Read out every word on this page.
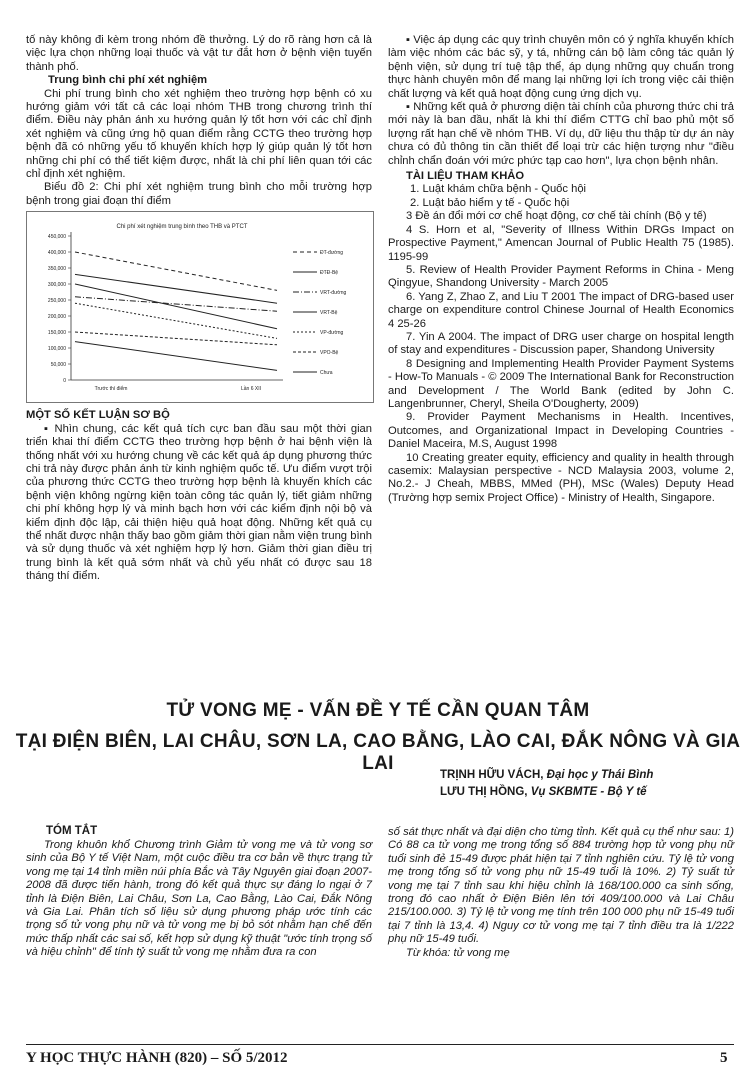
tố này không đi kèm trong nhóm đề thưởng. Lý do rõ ràng hơn cả là việc lựa chọn những loại thuốc và vật tư đắt hơn ở bệnh viện tuyến thành phố.

Trung bình chi phí xét nghiệm

Chi phí trung bình cho xét nghiệm theo trường hợp bệnh có xu hướng giảm với tất cả các loại nhóm THB trong chương trình thí điểm. Điều này phản ánh xu hướng quản lý tốt hơn với các chỉ định xét nghiệm và cũng ứng hộ quan điểm rằng CCTG theo trường hợp bệnh đã có những yếu tố khuyến khích hợp lý giúp quản lý tốt hơn những chi phí có thể tiết kiệm được, nhất là chi phí liên quan tới các chỉ định xét nghiệm.

Biểu đồ 2: Chi phí xét nghiệm trung bình cho mỗi trường hợp bệnh trong giai đoạn thí điểm

Chi phí xét nghiệm trung bình theo THB và PTCT
450,000
400,000
350,000
300,000
250,000
200,000
150,000
100,000
50,000
0
ĐT-đường
ĐTĐ-Bệ
VRT-đường
VRT-Bệ
VP-đường
VPO-Bệ
Chưa
Trước thí điểm	Lần 6 XII

MỘT SỐ KẾT LUẬN SƠ BỘ

▪ Nhìn chung, các kết quả tích cực ban đầu sau một thời gian triển khai thí điểm CCTG theo trường hợp bệnh ở hai bệnh viện là thống nhất với xu hướng chung về các kết quả áp dụng phương thức chi trả này được phản ánh từ kinh nghiệm quốc tế. Ưu điểm vượt trội của phương thức CCTG theo trường hợp bệnh là khuyến khích các bệnh viện không ngừng kiện toàn công tác quản lý, tiết giảm những chi phí không hợp lý và minh bạch hơn với các kiểm định nội bộ và kiểm định độc lập, cải thiện hiệu quả hoạt động. Những kết quả cụ thể nhất được nhận thấy bao gồm giảm thời gian nằm viện trung bình và sử dụng thuốc và xét nghiệm hợp lý hơn. Giảm thời gian điều trị trung bình là kết quả sớm nhất và chủ yếu nhất có được sau 18 tháng thí điểm.

▪ Việc áp dụng các quy trình chuyên môn có ý nghĩa khuyến khích làm việc nhóm các bác sỹ, y tá, những cán bộ làm công tác quản lý bệnh viện, sử dụng trí tuệ tập thể, áp dụng những quy chuẩn trong thực hành chuyên môn để mang lại những lợi ích trong việc cải thiện chất lượng và kết quả hoạt động cung ứng dịch vụ.

▪ Những kết quả ở phương diện tài chính của phương thức chi trả mới này là ban đầu, nhất là khi thí điểm CTTG chỉ bao phủ một số lượng rất hạn chế về nhóm THB. Ví dụ, dữ liệu thu thập từ dự án này chưa có đủ thông tin cần thiết để loại trừ các hiện tượng như "điều chỉnh chẩn đoán với mức phức tạp cao hơn", lựa chọn bệnh nhân.

TÀI LIỆU THAM KHẢO

1. Luật khám chữa bệnh - Quốc hội

2. Luật bảo hiểm y tế - Quốc hội

3 Đề án đổi mới cơ chế hoạt động, cơ chế tài chính (Bộ y tế)

4 S. Horn et al, "Severity of Illness Within DRGs Impact on Prospective Payment," Amencan Journal of Public Health 75 (1985). 1195-99

5. Review of Health Provider Payment Reforms in China - Meng Qingyue, Shandong University - March 2005

6. Yang Z, Zhao Z, and Liu T 2001 The impact of DRG-based user charge on expenditure control Chinese Journal of Health Economics 4 25-26

7. Yin A 2004. The impact of DRG user charge on hospital length of stay and expenditures - Discussion paper, Shandong University

8 Designing and Implementing Health Provider Payment Systems - How-To Manuals - © 2009 The International Bank for Reconstruction and Development / The World Bank (edited by John C. Langenbrunner, Cheryl, Sheila O'Dougherty, 2009)

9. Provider Payment Mechanisms in Health. Incentives, Outcomes, and Organizational Impact in Developing Countries - Daniel Maceira, M.S, August 1998

10 Creating greater equity, efficiency and quality in health through casemix: Malaysian perspective - NCD Malaysia 2003, volume 2, No.2.- J Cheah, MBBS, MMed (PH), MSc (Wales) Deputy Head (Trường hợp semix Project Office) - Ministry of Health, Singapore.

TỬ VONG MẸ - VẤN ĐỀ Y TẾ CẦN QUAN TÂM
TẠI ĐIỆN BIÊN, LAI CHÂU, SƠN LA, CAO BẰNG, LÀO CAI, ĐẮK NÔNG VÀ GIA LAI
TRỊNH HỮU VÁCH, Đại học y Thái Bình
LƯU THỊ HỒNG, Vụ SKBMTE - Bộ Y tế
TÓM TẮT

Trong khuôn khổ Chương trình Giảm tử vong mẹ và tử vong sơ sinh của Bộ Y tế Việt Nam, một cuộc điều tra cơ bản về thực trạng tử vong mẹ tại 14 tỉnh miền núi phía Bắc và Tây Nguyên giai đoạn 2007-2008 đã được tiến hành, trong đó kết quả thực sự đáng lo ngại ở 7 tỉnh là Điện Biên, Lai Châu, Sơn La, Cao Bằng, Lào Cai, Đắk Nông và Gia Lai. Phân tích số liệu sử dụng phương pháp ước tính các trọng số tử vong phụ nữ và tử vong mẹ bị bỏ sót nhằm hạn chế đến mức thấp nhất các sai số, kết hợp sử dụng kỹ thuật "ước tính trọng số và hiệu chỉnh" để tính tỷ suất tử vong mẹ nhằm đưa ra con

số sát thực nhất và đại diện cho từng tỉnh. Kết quả cụ thể như sau: 1) Có 88 ca tử vong mẹ trong tổng số 884 trường hợp tử vong phụ nữ tuổi sinh đẻ 15-49 được phát hiện tại 7 tỉnh nghiên cứu. Tỷ lệ tử vong mẹ trong tổng số tử vong phụ nữ 15-49 tuổi là 10%. 2) Tỷ suất tử vong mẹ tại 7 tỉnh sau khi hiệu chỉnh là 168/100.000 ca sinh sống, trong đó cao nhất ở Điện Biên lên tới 409/100.000 và Lai Châu 215/100.000. 3) Tỷ lệ tử vong mẹ tính trên 100 000 phụ nữ 15-49 tuổi tại 7 tỉnh là 13,4. 4) Nguy cơ tử vong mẹ tại 7 tỉnh điều tra là 1/222 phụ nữ 15-49 tuổi.

Từ khóa: tử vong mẹ

Y HỌC THỰC HÀNH (820) – SỐ 5/2012	5
